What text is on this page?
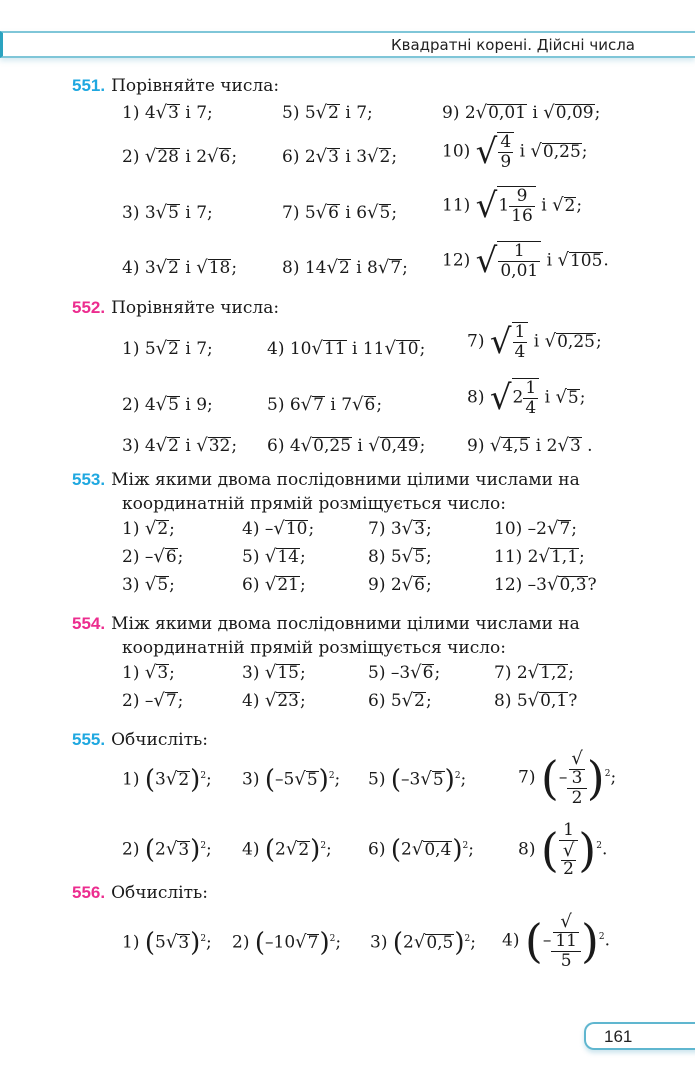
Квадратні корені. Дійсні числа
551. Порівняйте числа:
1) 4√3 і 7;	5) 5√2 і 7;	9) 2√0,01 і √0,09;
2) √28 і 2√6;	6) 2√3 і 3√2;	10) √ $\frac{4}{9}$ і √0,25;
3) 3√5 і 7;	7) 5√6 і 6√5;	11) $√1 \frac{9}{16}$ і √2;
4) 3√2 і √18;	8) 14√2 і 8√7; 12) √ $\frac{1}{0,01}$ і √105.
552. Порівняйте числа:
1) 5√2 і 7;	4) 10√11 і 11√10; 7) √ $\frac{1}{4}$ і √0,25;
2) 4√5 і 9;	5) 6√7 і 7√6;	8) $√2 \frac{1}{4}$ і √5;
3) 4√2 і √32; 6) 4√0,25 і √0,49; 9) √4,5 і 2√3 .
553. Між якими двома послідовними цілими числами на
координатній прямій розміщується число:
1) √2;	4) –√10;	7) 3√3;	10) –2√7;
2) –√6;	5) √14;	8) 5√5;	11) 2√1,1;
3) √5;	6) √21;	9) 2√6;	12) –3√0,3?
554. Між якими двома послідовними цілими числами на
координатній прямій розміщується число:
1) √3;	3) √15;	5) –3√6;	7) 2√1,2;
2) –√7;	4) √23;	6) 5√2;	8) 5√0,1?
555. Обчисліть:
1) $(3√2)^2$; 3) $(-5√5)^2$; 5) $(-3√5)^2$;	7) (– √
3
2 )$^2$;
2) $(2√3)^2$; 4) $(2√2)^2$; 6) $(2√0,4)^2$;	8) ( 1
√
2 )$^2$.
556. Обчисліть:
1) $(5√3)^2$; 2) $(-10√7)^2$; 3) $(2√0,5)^2$; 4) (– √
11
5 )$^2$.
161
